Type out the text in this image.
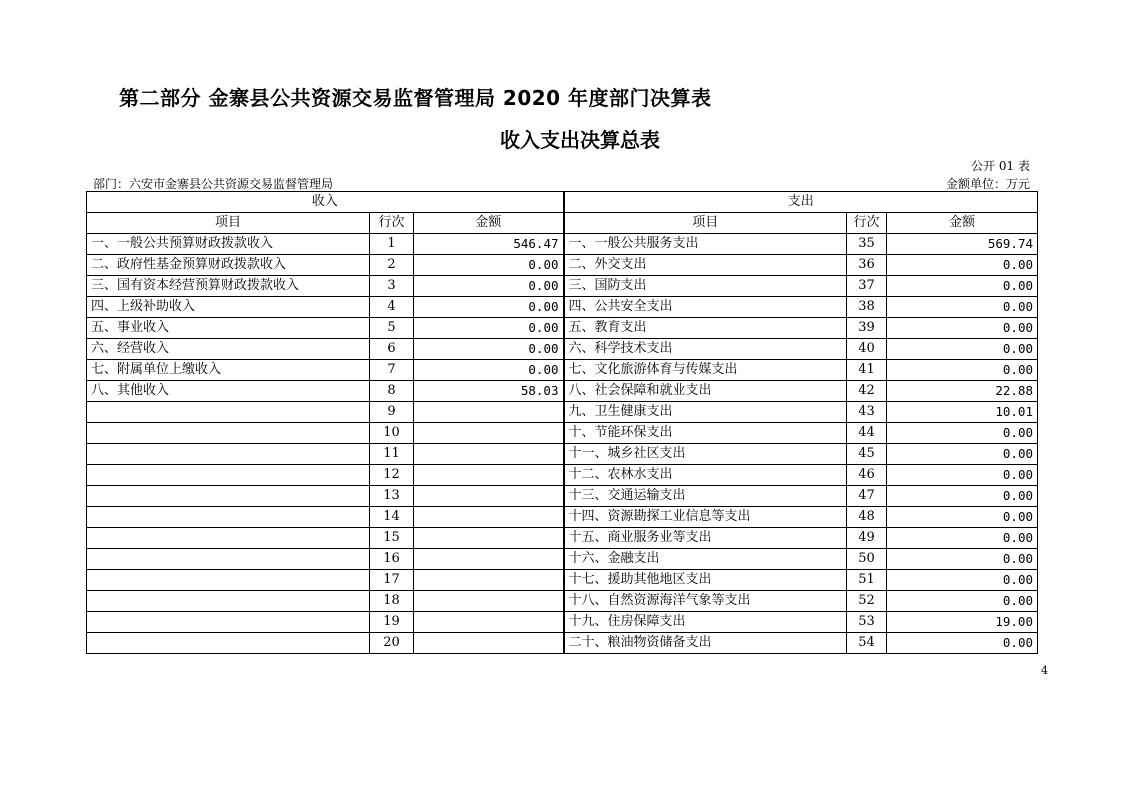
第二部分 金寨县公共资源交易监督管理局 2020 年度部门决算表
收入支出决算总表
公开 01 表
部门：六安市金寨县公共资源交易监督管理局	金额单位：万元
收入			支出		
项目	行次	金额	项目	行次	金额
一、一般公共预算财政拨款收入	1	546.47	一、一般公共服务支出	35	569.74
二、政府性基金预算财政拨款收入	2	0.00	二、外交支出	36	0.00
三、国有资本经营预算财政拨款收入	3	0.00	三、国防支出	37	0.00
四、上级补助收入	4	0.00	四、公共安全支出	38	0.00
五、事业收入	5	0.00	五、教育支出	39	0.00
六、经营收入	6	0.00	六、科学技术支出	40	0.00
七、附属单位上缴收入	7	0.00	七、文化旅游体育与传媒支出	41	0.00
八、其他收入	8	58.03	八、社会保障和就业支出	42	22.88
	9		九、卫生健康支出	43	10.01
	10		十、节能环保支出	44	0.00
	11		十一、城乡社区支出	45	0.00
	12		十二、农林水支出	46	0.00
	13		十三、交通运输支出	47	0.00
	14		十四、资源勘探工业信息等支出	48	0.00
	15		十五、商业服务业等支出	49	0.00
	16		十六、金融支出	50	0.00
	17		十七、援助其他地区支出	51	0.00
	18		十八、自然资源海洋气象等支出	52	0.00
	19		十九、住房保障支出	53	19.00
	20		二十、粮油物资储备支出	54	0.00
4
